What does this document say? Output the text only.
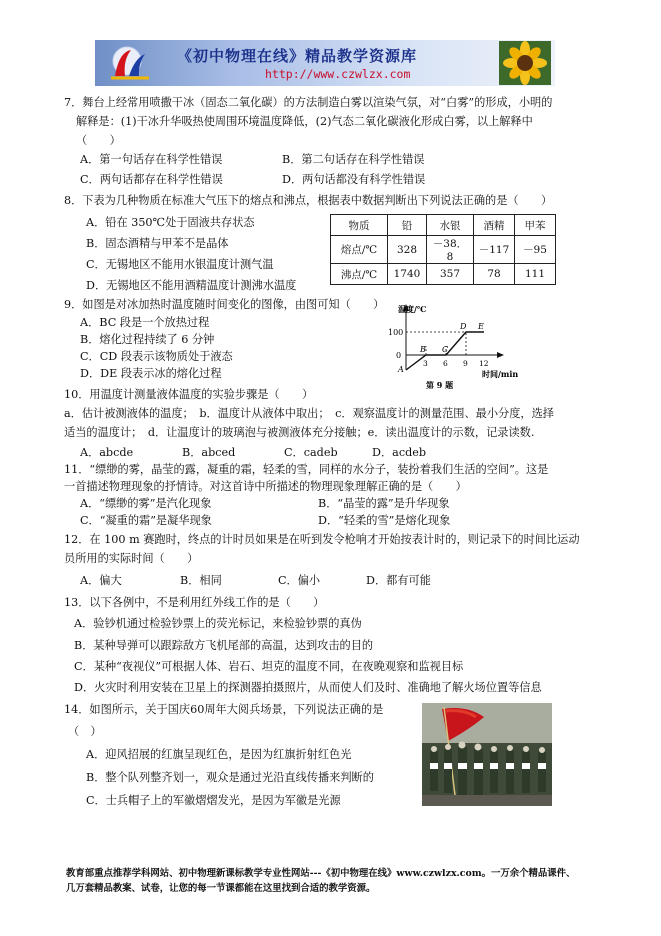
《初中物理在线》精品教学资源库
http://www.czwlzx.com
7．舞台上经常用喷撒干冰（固态二氧化碳）的方法制造白雾以渲染气氛，对“白雾”的形成，小明的
解释是：(1)干冰升华吸热使周围环境温度降低，(2)气态二氧化碳液化形成白雾，以上解释中
（　　）
A．第一句话存在科学性错误	B．第二句话存在科学性错误
C．两句话都存在科学性错误	D．两句话都没有科学性错误
8．下表为几种物质在标准大气压下的熔点和沸点，根据表中数据判断出下列说法正确的是（　　）
A．铅在 350℃处于固液共存状态
B．固态酒精与甲苯不是晶体
C．无锡地区不能用水银温度计测气温
D．无锡地区不能用酒精温度计测沸水温度
物质	铅	水银	酒精	甲苯
熔点/℃	328	－38．8	－117	－95
沸点/℃	1740	357	78	111
9．如图是对冰加热时温度随时间变化的图像，由图可知（　　）
A．BC 段是一个放热过程
B．熔化过程持续了 6 分钟
C．CD 段表示该物质处于液态
D．DE 段表示冰的熔化过程
温度/℃
时间/min
100
0
A
B C
D E
3 6 9 12
第 9 题
10．用温度计测量液体温度的实验步骤是（　　）
a．估计被测液体的温度；　b．温度计从液体中取出；　c．观察温度计的测量范围、最小分度，选择
适当的温度计；　d．让温度计的玻璃泡与被测液体充分接触；e．读出温度计的示数，记录读数.
A．abcde	B．abced	C．cadeb	D．acdeb
11．“缥缈的雾，晶莹的露，凝重的霜，轻柔的雪，同样的水分子，装扮着我们生活的空间”。这是
一首描述物理现象的抒情诗。对这首诗中所描述的物理现象理解正确的是（　　）
A．“缥缈的雾”是汽化现象	B．“晶莹的露”是升华现象
C．“凝重的霜”是凝华现象	D．“轻柔的雪”是熔化现象
12．在 100 m 赛跑时，终点的计时员如果是在听到发令枪响才开始按表计时的，则记录下的时间比运动
员所用的实际时间（　　）
A．偏大	B．相同	C．偏小	D．都有可能
13．以下各例中，不是利用红外线工作的是（　　）
A．验钞机通过检验钞票上的荧光标记，来检验钞票的真伪
B．某种导弹可以跟踪敌方飞机尾部的高温，达到攻击的目的
C．某种“夜视仪”可根据人体、岩石、坦克的温度不同，在夜晚观察和监视目标
D．火灾时利用安装在卫星上的探测器拍摄照片，从而使人们及时、准确地了解火场位置等信息
14．如图所示，关于国庆60周年大阅兵场景，下列说法正确的是
（　）
A．迎风招展的红旗呈现红色，是因为红旗折射红色光
B．整个队列整齐划一，观众是通过光沿直线传播来判断的
C．士兵帽子上的军徽熠熠发光，是因为军徽是光源
教育部重点推荐学科网站、初中物理新课标教学专业性网站---《初中物理在线》www.czwlzx.com。一万余个精品课件、
几万套精品教案、试卷，让您的每一节课都能在这里找到合适的教学资源。
